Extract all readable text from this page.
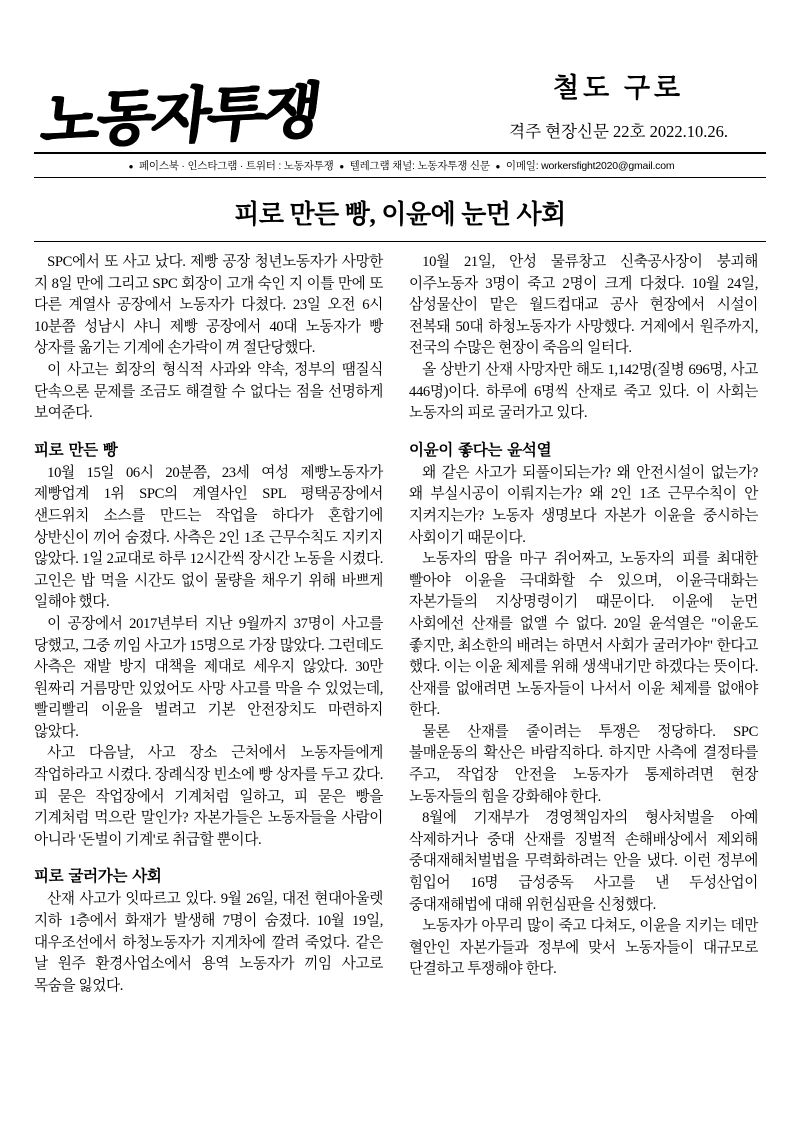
노동자투쟁	철도 구로
격주 현장신문 22호 2022.10.26.
● 페이스북 · 인스타그램 · 트위터 : 노동자투쟁 ● 텔레그램 채널: 노동자투쟁 신문 ● 이메일: workersfight2020@gmail.com
피로 만든 빵, 이윤에 눈먼 사회

SPC에서 또 사고 났다. 제빵 공장 청년노동자가 사망한 지 8일 만에 그리고 SPC 회장이 고개 숙인 지 이틀 만에 또 다른 계열사 공장에서 노동자가 다쳤다. 23일 오전 6시 10분쯤 성남시 샤니 제빵 공장에서 40대 노동자가 빵 상자를 옮기는 기계에 손가락이 껴 절단당했다.

이 사고는 회장의 형식적 사과와 약속, 정부의 땜질식 단속으론 문제를 조금도 해결할 수 없다는 점을 선명하게 보여준다.

피로 만든 빵

10월 15일 06시 20분쯤, 23세 여성 제빵노동자가 제빵업계 1위 SPC의 계열사인 SPL 평택공장에서 샌드위치 소스를 만드는 작업을 하다가 혼합기에 상반신이 끼어 숨졌다. 사측은 2인 1조 근무수칙도 지키지 않았다. 1일 2교대로 하루 12시간씩 장시간 노동을 시켰다. 고인은 밥 먹을 시간도 없이 물량을 채우기 위해 바쁘게 일해야 했다.

이 공장에서 2017년부터 지난 9월까지 37명이 사고를 당했고, 그중 끼임 사고가 15명으로 가장 많았다. 그런데도 사측은 재발 방지 대책을 제대로 세우지 않았다. 30만 원짜리 거름망만 있었어도 사망 사고를 막을 수 있었는데, 빨리빨리 이윤을 벌려고 기본 안전장치도 마련하지 않았다.

사고 다음날, 사고 장소 근처에서 노동자들에게 작업하라고 시켰다. 장례식장 빈소에 빵 상자를 두고 갔다. 피 묻은 작업장에서 기계처럼 일하고, 피 묻은 빵을 기계처럼 먹으란 말인가? 자본가들은 노동자들을 사람이 아니라 '돈벌이 기계'로 취급할 뿐이다.

피로 굴러가는 사회

산재 사고가 잇따르고 있다. 9월 26일, 대전 현대아울렛 지하 1층에서 화재가 발생해 7명이 숨졌다. 10월 19일, 대우조선에서 하청노동자가 지게차에 깔려 죽었다. 같은 날 원주 환경사업소에서 용역 노동자가 끼임 사고로 목숨을 잃었다.

10월 21일, 안성 물류창고 신축공사장이 붕괴해 이주노동자 3명이 죽고 2명이 크게 다쳤다. 10월 24일, 삼성물산이 맡은 월드컵대교 공사 현장에서 시설이 전복돼 50대 하청노동자가 사망했다. 거제에서 원주까지, 전국의 수많은 현장이 죽음의 일터다.

올 상반기 산재 사망자만 해도 1,142명(질병 696명, 사고 446명)이다. 하루에 6명씩 산재로 죽고 있다. 이 사회는 노동자의 피로 굴러가고 있다.

이윤이 좋다는 윤석열

왜 같은 사고가 되풀이되는가? 왜 안전시설이 없는가? 왜 부실시공이 이뤄지는가? 왜 2인 1조 근무수칙이 안 지켜지는가? 노동자 생명보다 자본가 이윤을 중시하는 사회이기 때문이다.

노동자의 땀을 마구 쥐어짜고, 노동자의 피를 최대한 빨아야 이윤을 극대화할 수 있으며, 이윤극대화는 자본가들의 지상명령이기 때문이다. 이윤에 눈먼 사회에선 산재를 없앨 수 없다. 20일 윤석열은 "이윤도 좋지만, 최소한의 배려는 하면서 사회가 굴러가야" 한다고 했다. 이는 이윤 체제를 위해 생색내기만 하겠다는 뜻이다. 산재를 없애려면 노동자들이 나서서 이윤 체제를 없애야 한다.

물론 산재를 줄이려는 투쟁은 정당하다. SPC 불매운동의 확산은 바람직하다. 하지만 사측에 결정타를 주고, 작업장 안전을 노동자가 통제하려면 현장 노동자들의 힘을 강화해야 한다.

8월에 기재부가 경영책임자의 형사처벌을 아예 삭제하거나 중대 산재를 징벌적 손해배상에서 제외해 중대재해처벌법을 무력화하려는 안을 냈다. 이런 정부에 힘입어 16명 급성중독 사고를 낸 두성산업이 중대재해법에 대해 위헌심판을 신청했다.

노동자가 아무리 많이 죽고 다쳐도, 이윤을 지키는 데만 혈안인 자본가들과 정부에 맞서 노동자들이 대규모로 단결하고 투쟁해야 한다.
